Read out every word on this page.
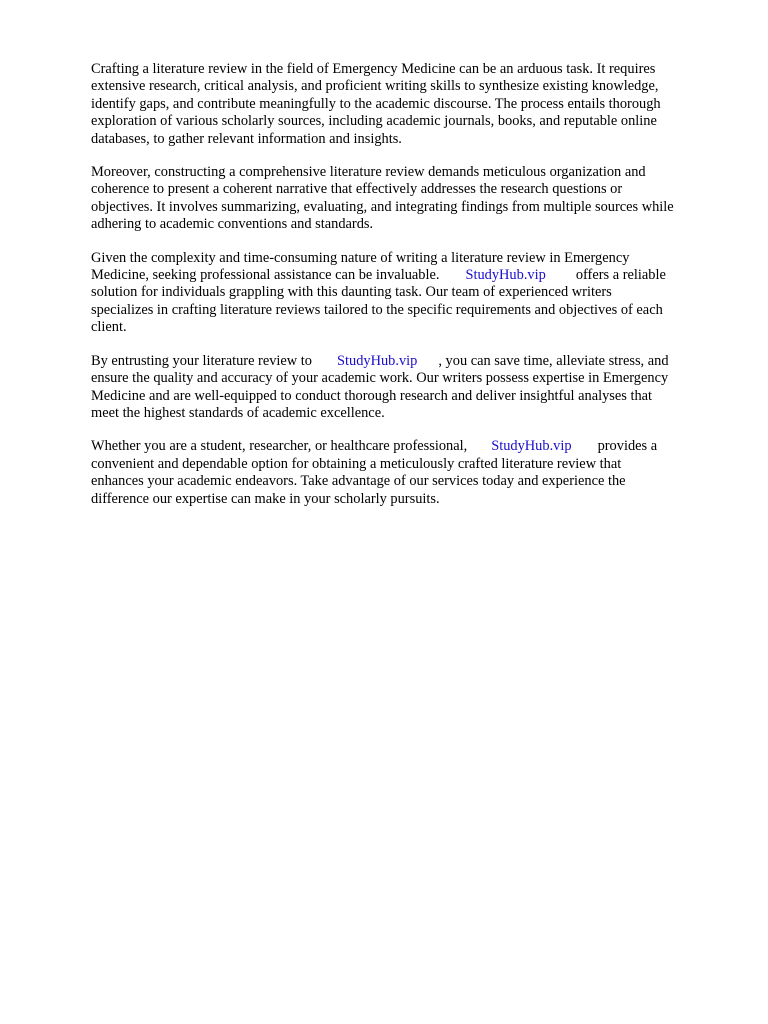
Crafting a literature review in the field of Emergency Medicine can be an arduous task. It requires
extensive research, critical analysis, and proficient writing skills to synthesize existing knowledge,
identify gaps, and contribute meaningfully to the academic discourse. The process entails thorough
exploration of various scholarly sources, including academic journals, books, and reputable online
databases, to gather relevant information and insights.

Moreover, constructing a comprehensive literature review demands meticulous organization and
coherence to present a coherent narrative that effectively addresses the research questions or
objectives. It involves summarizing, evaluating, and integrating findings from multiple sources while
adhering to academic conventions and standards.

Given the complexity and time-consuming nature of writing a literature review in Emergency
Medicine, seeking professional assistance can be invaluable. StudyHub.vip offers a reliable
solution for individuals grappling with this daunting task. Our team of experienced writers
specializes in crafting literature reviews tailored to the specific requirements and objectives of each
client.

By entrusting your literature review to StudyHub.vip , you can save time, alleviate stress, and
ensure the quality and accuracy of your academic work. Our writers possess expertise in Emergency
Medicine and are well-equipped to conduct thorough research and deliver insightful analyses that
meet the highest standards of academic excellence.

Whether you are a student, researcher, or healthcare professional, StudyHub.vip provides a
convenient and dependable option for obtaining a meticulously crafted literature review that
enhances your academic endeavors. Take advantage of our services today and experience the
difference our expertise can make in your scholarly pursuits.
